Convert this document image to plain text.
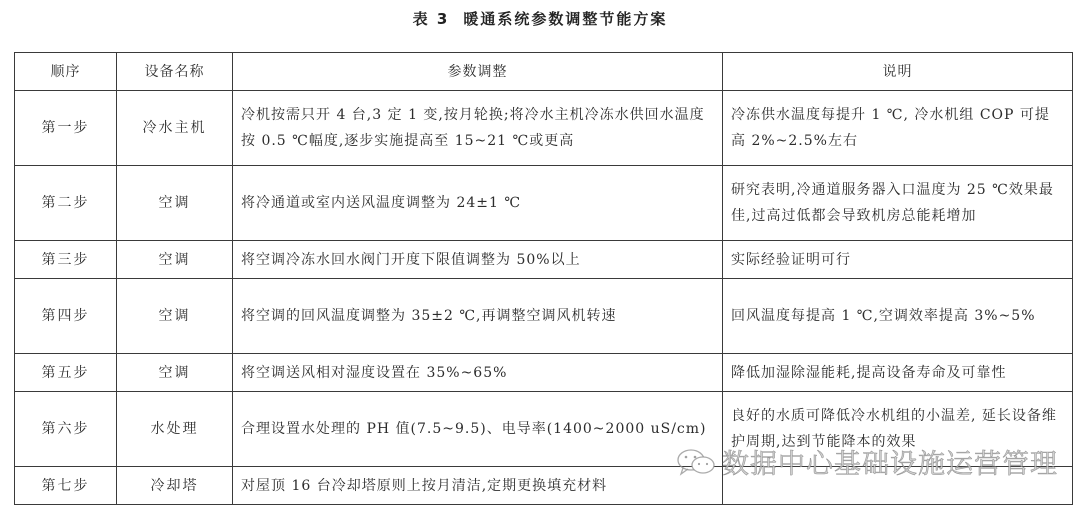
表 3 暖通系统参数调整节能方案
顺序	设备名称	参数调整	说明
第一步	冷水主机	冷机按需只开 4 台,3 定 1 变,按月轮换;将冷水主机冷冻水供回水温度按 0.5 ℃幅度,逐步实施提高至 15~21 ℃或更高	冷冻供水温度每提升 1 ℃, 冷水机组 COP 可提高 2%~2.5%左右
第二步	空调	将冷通道或室内送风温度调整为 24±1 ℃	研究表明,冷通道服务器入口温度为 25 ℃效果最佳,过高过低都会导致机房总能耗增加
第三步	空调	将空调冷冻水回水阀门开度下限值调整为 50%以上	实际经验证明可行
第四步	空调	将空调的回风温度调整为 35±2 ℃,再调整空调风机转速	回风温度每提高 1 ℃,空调效率提高 3%~5%
第五步	空调	将空调送风相对湿度设置在 35%~65%	降低加湿除湿能耗,提高设备寿命及可靠性
第六步	水处理	合理设置水处理的 PH 值(7.5~9.5)、电导率(1400~2000 uS/cm)	良好的水质可降低冷水机组的小温差, 延长设备维护周期,达到节能降本的效果
第七步	冷却塔	对屋顶 16 台冷却塔原则上按月清洁,定期更换填充材料	
数据中心基础设施运营管理
